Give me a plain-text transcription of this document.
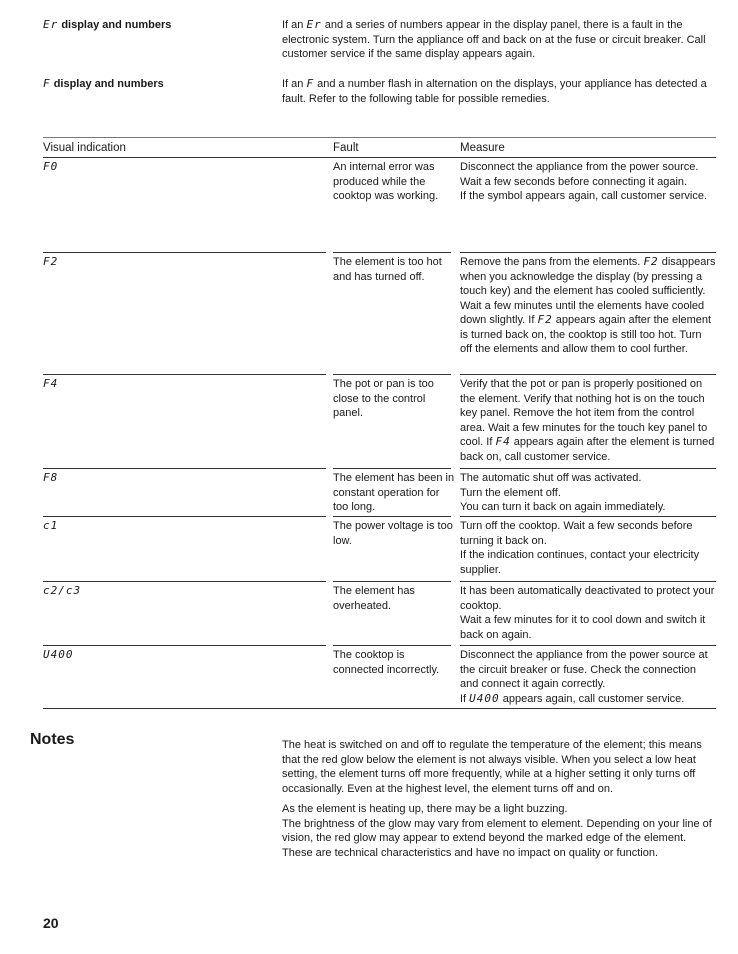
Er display and numbers	If an Er and a series of numbers appear in the display panel, there is a fault in the electronic system. Turn the appliance off and back on at the fuse or circuit breaker. Call customer service if the same display appears again.
F display and numbers	If an F and a number flash in alternation on the displays, your appliance has detected a fault. Refer to the following table for possible remedies.
Visual indication	Fault	Measure
F0	An internal error was produced while the cooktop was working.
Disconnect the appliance from the power source. Wait a few seconds before connecting it again.
If the symbol appears again, call customer service.
F2	The element is too hot and has turned off.
Remove the pans from the elements. F2 disappears when you acknowledge the display (by pressing a touch key) and the element has cooled sufficiently. Wait a few minutes until the elements have cooled down slightly. If F2 appears again after the element is turned back on, the cooktop is still too hot. Turn off the elements and allow them to cool further.
F4	The pot or pan is too close to the control panel.
Verify that the pot or pan is properly positioned on the element. Verify that nothing hot is on the touch key panel. Remove the hot item from the control area. Wait a few minutes for the touch key panel to cool. If F4 appears again after the element is turned back on, call customer service.
F8	The element has been in constant operation for too long.
The automatic shut off was activated.
Turn the element off.
You can turn it back on again immediately.
c1	The power voltage is too low.
Turn off the cooktop. Wait a few seconds before turning it back on.
If the indication continues, contact your electricity supplier.
c2/c3	The element has overheated.
It has been automatically deactivated to protect your cooktop.
Wait a few minutes for it to cool down and switch it back on again.
U400	The cooktop is connected incorrectly.
Disconnect the appliance from the power source at the circuit breaker or fuse. Check the connection and connect it again correctly.
If U400 appears again, call customer service.
Notes	The heat is switched on and off to regulate the temperature of the element; this means that the red glow below the element is not always visible. When you select a low heat setting, the element turns off more frequently, while at a higher setting it only turns off occasionally. Even at the highest level, the element turns off and on.

As the element is heating up, there may be a light buzzing.

The brightness of the glow may vary from element to element. Depending on your line of vision, the red glow may appear to extend beyond the marked edge of the element.

These are technical characteristics and have no impact on quality or function.

20
